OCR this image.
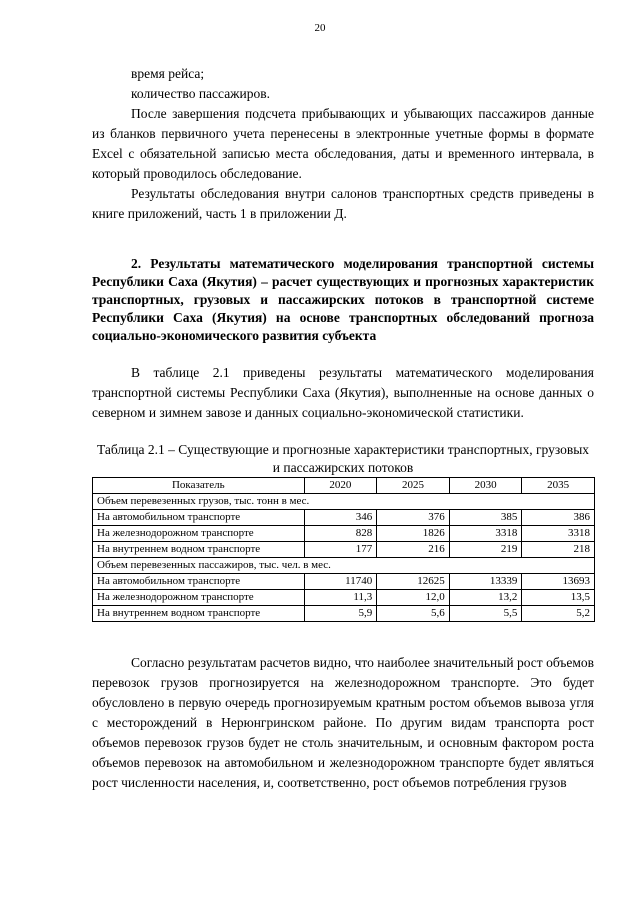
20

время рейса;

количество пассажиров.

После завершения подсчета прибывающих и убывающих пассажиров данные из бланков первичного учета перенесены в электронные учетные формы в формате Excel с обязательной записью места обследования, даты и временного интервала, в который проводилось обследование.

Результаты обследования внутри салонов транспортных средств приведены в книге приложений, часть 1 в приложении Д.

2. Результаты математического моделирования транспортной системы Республики Саха (Якутия) – расчет существующих и прогнозных характеристик транспортных, грузовых и пассажирских потоков в транспортной системе Республики Саха (Якутия) на основе транспортных обследований прогноза социально-экономического развития субъекта

В таблице 2.1 приведены результаты математического моделирования транспортной системы Республики Саха (Якутия), выполненные на основе данных о северном и зимнем завозе и данных социально-экономической статистики.

Таблица 2.1 – Существующие и прогнозные характеристики транспортных, грузовых и пассажирских потоков

Показатель	2020	2025	2030	2035
Объем перевезенных грузов, тыс. тонн в мес.				
На автомобильном транспорте	346	376	385	386
На железнодорожном транспорте	828	1826	3318	3318
На внутреннем водном транспорте	177	216	219	218
Объем перевезенных пассажиров, тыс. чел. в мес.				
На автомобильном транспорте	11740	12625	13339	13693
На железнодорожном транспорте	11,3	12,0	13,2	13,5
На внутреннем водном транспорте	5,9	5,6	5,5	5,2

Согласно результатам расчетов видно, что наиболее значительный рост объемов перевозок грузов прогнозируется на железнодорожном транспорте. Это будет обусловлено в первую очередь прогнозируемым кратным ростом объемов вывоза угля с месторождений в Нерюнгринском районе. По другим видам транспорта рост объемов перевозок грузов будет не столь значительным, и основным фактором роста объемов перевозок на автомобильном и железнодорожном транспорте будет являться рост численности населения, и, соответственно, рост объемов потребления грузов
